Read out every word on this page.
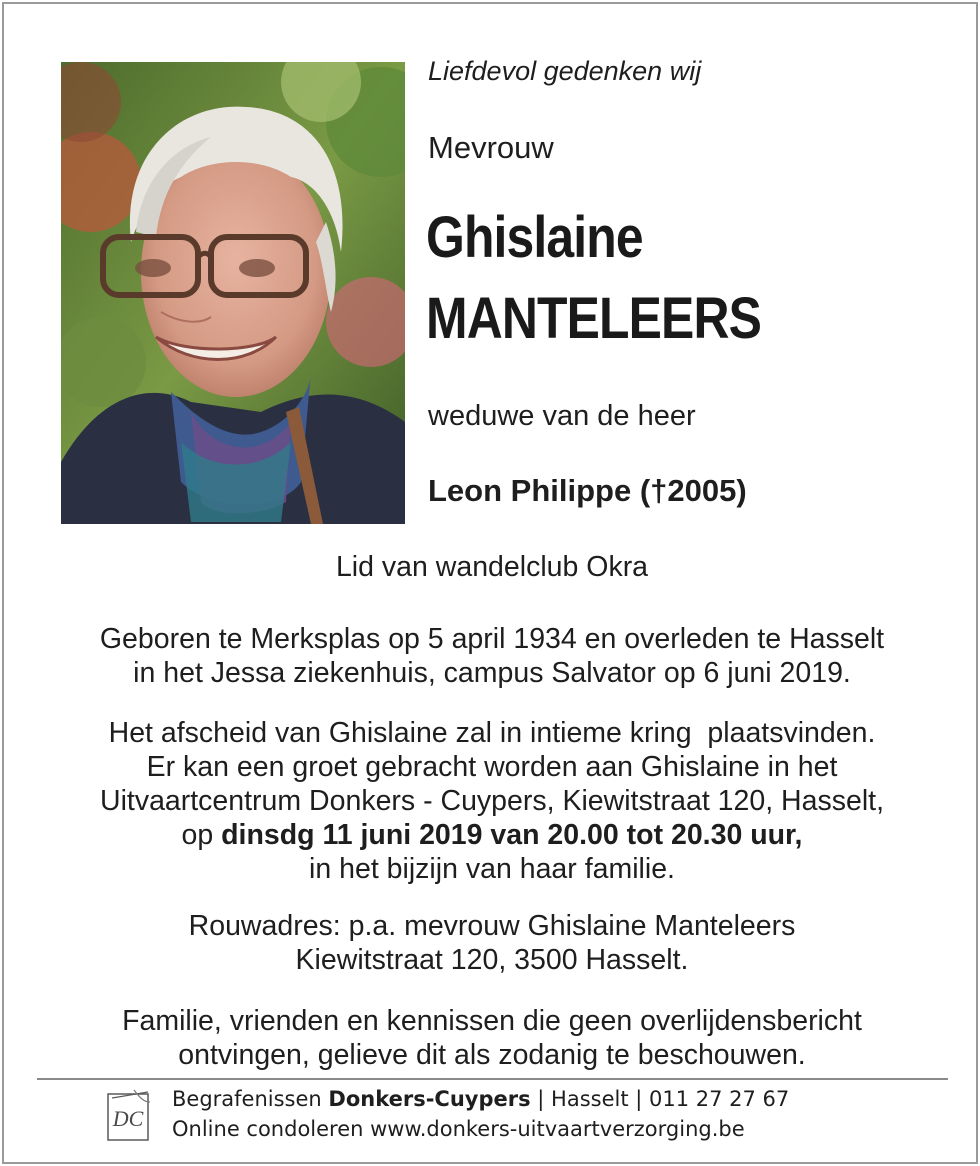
Liefdevol gedenken wij
Mevrouw
Ghislaine
MANTELEERS
weduwe van de heer
Leon Philippe (†2005)
Lid van wandelclub Okra
Geboren te Merksplas op 5 april 1934 en overleden te Hasselt
in het Jessa ziekenhuis, campus Salvator op 6 juni 2019.
Het afscheid van Ghislaine zal in intieme kring  plaatsvinden.
Er kan een groet gebracht worden aan Ghislaine in het
Uitvaartcentrum Donkers - Cuypers, Kiewitstraat 120, Hasselt,
op dinsdg 11 juni 2019 van 20.00 tot 20.30 uur,
in het bijzijn van haar familie.
Rouwadres: p.a. mevrouw Ghislaine Manteleers
Kiewitstraat 120, 3500 Hasselt.
Familie, vrienden en kennissen die geen overlijdensbericht
ontvingen, gelieve dit als zodanig te beschouwen.
DC
Begrafenissen Donkers-Cuypers | Hasselt | 011 27 27 67
Online condoleren www.donkers-uitvaartverzorging.be
